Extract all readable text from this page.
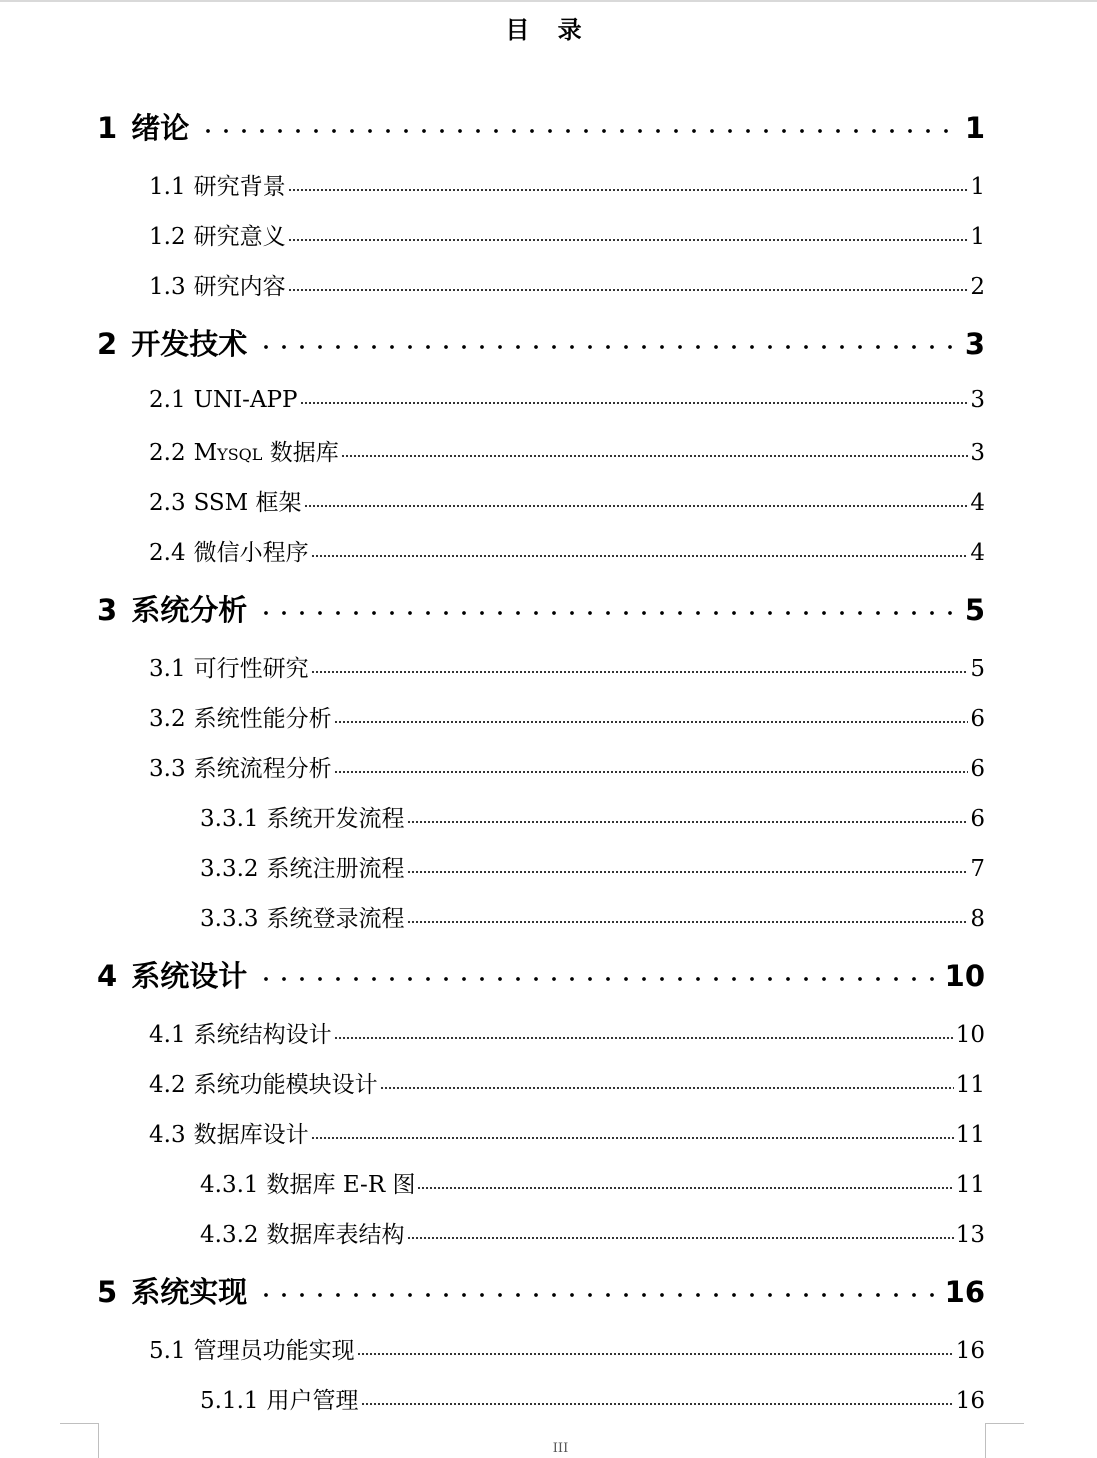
目 录
1 绪论	1
1.1 研究背景	1
1.2 研究意义	1
1.3 研究内容	2
2 开发技术	3
2.1 UNI-APP	3
2.2 Mysql 数据库	3
2.3 SSM 框架	4
2.4 微信小程序	4
3 系统分析	5
3.1 可行性研究	5
3.2 系统性能分析	6
3.3 系统流程分析	6
3.3.1 系统开发流程	6
3.3.2 系统注册流程	7
3.3.3 系统登录流程	8
4 系统设计	10
4.1 系统结构设计	10
4.2 系统功能模块设计	11
4.3 数据库设计	11
4.3.1 数据库 E-R 图	11
4.3.2 数据库表结构	13
5 系统实现	16
5.1 管理员功能实现	16
5.1.1 用户管理	16
III
